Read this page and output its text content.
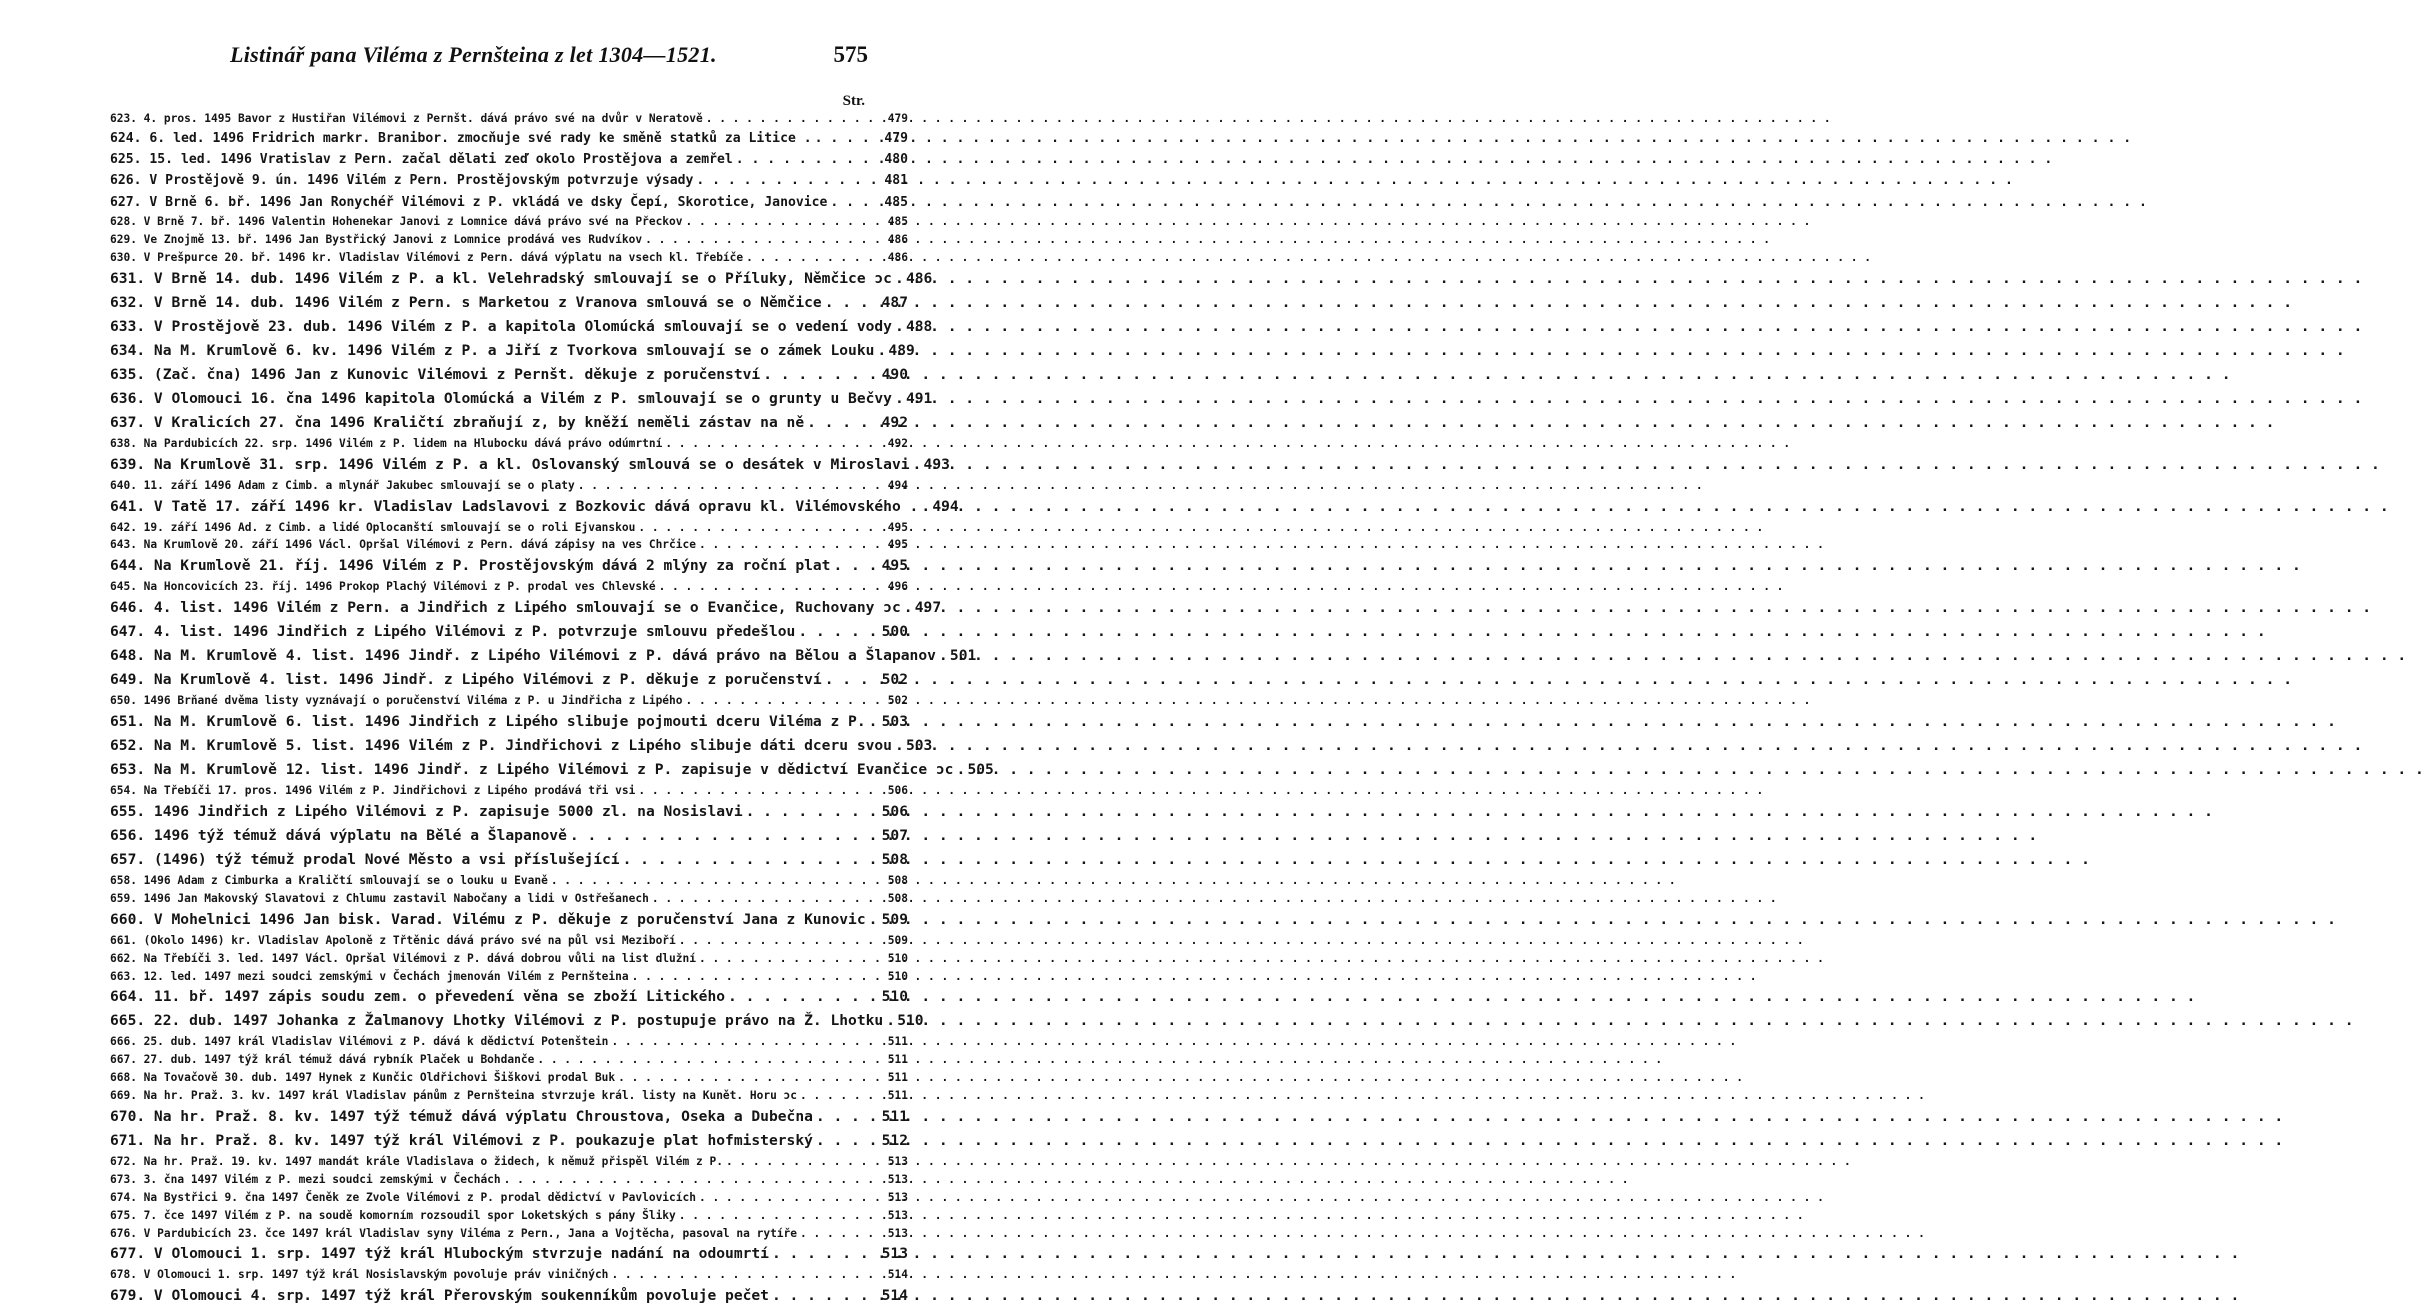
Listinář pana Viléma z Pernšteina z let 1304—1521.	575
Str.
623. 4. pros. 1495 Bavor z Hustiřan Vilémovi z Pernšt. dává právo své na dvůr v Neratově . . .	479
624. 6. led. 1496 Fridrich markr. Branibor. zmocňuje své rady ke směně statků za Litice . . . .	479
625. 15. led. 1496 Vratislav z Pern. začal dělati zeď okolo Prostějova a zemřel . . .	480
626. V Prostějově 9. ún. 1496 Vilém z Pern. Prostějovským potvrzuje výsady . . .	481
627. V Brně 6. bř. 1496 Jan Ronychéř Vilémovi z P. vkládá ve dsky Čepí, Skorotice, Janovice . . .	485
628. V Brně 7. bř. 1496 Valentin Hohenekar Janovi z Lomnice dává právo své na Přeckov . . .	485
629. Ve Znojmě 13. bř. 1496 Jan Bystřický Janovi z Lomnice prodává ves Rudvíkov . . .	486
630. V Prešpurce 20. bř. 1496 kr. Vladislav Vilémovi z Pern. dává výplatu na vsech kl. Třebíče . . .	486
631. V Brně 14. dub. 1496 Vilém z P. a kl. Velehradský smlouvají se o Příluky, Němčice ɔc . . . 486
632. V Brně 14. dub. 1496 Vilém z Pern. s Marketou z Vranova smlouvá se o Němčice . . .	487
633. V Prostějově 23. dub. 1496 Vilém z P. a kapitola Olomúcká smlouvají se o vedení vody . . . 488
634. Na M. Krumlově 6. kv. 1496 Vilém z P. a Jiří z Tvorkova smlouvají se o zámek Louku . . . 489
635. (Zač. čna) 1496 Jan z Kunovic Vilémovi z Pernšt. děkuje z poručenství . . .	490
636. V Olomouci 16. čna 1496 kapitola Olomúcká a Vilém z P. smlouvají se o grunty u Bečvy . . . 491
637. V Kralicích 27. čna 1496 Kraličtí zbraňují z, by kněží neměli zástav na ně . . .	492
638. Na Pardubicích 22. srp. 1496 Vilém z P. lidem na Hlubocku dává právo odúmrtní . . .	492
639. Na Krumlově 31. srp. 1496 Vilém z P. a kl. Oslovanský smlouvá se o desátek v Miroslavi . . . 493
640. 11. září 1496 Adam z Cimb. a mlynář Jakubec smlouvají se o platy . . .	494
641. V Tatě 17. září 1496 kr. Vladislav Ladslavovi z Bozkovic dává opravu kl. Vilémovského . . . . 494
642. 19. září 1496 Ad. z Cimb. a lidé Oplocanští smlouvají se o roli Ejvanskou . . .	495
643. Na Krumlově 20. září 1496 Václ. Opršal Vilémovi z Pern. dává zápisy na ves Chrčice . . .	495
644. Na Krumlově 21. říj. 1496 Vilém z P. Prostějovským dává 2 mlýny za roční plat . . .	495
645. Na Honcovicích 23. říj. 1496 Prokop Plachý Vilémovi z P. prodal ves Chlevské . . .	496
646. 4. list. 1496 Vilém z Pern. a Jindřich z Lipého smlouvají se o Evančice, Ruchovany ɔc . . . 497
647. 4. list. 1496 Jindřich z Lipého Vilémovi z P. potvrzuje smlouvu předešlou . . .	500
648. Na M. Krumlově 4. list. 1496 Jindř. z Lipého Vilémovi z P. dává právo na Bělou a Šlapanov . . . 501
649. Na Krumlově 4. list. 1496 Jindř. z Lipého Vilémovi z P. děkuje z poručenství . . .	502
650. 1496 Brňané dvěma listy vyznávají o poručenství Viléma z P. u Jindřicha z Lipého . . .	502
651. Na M. Krumlově 6. list. 1496 Jindřich z Lipého slibuje pojmouti dceru Viléma z P. . . . 503
652. Na M. Krumlově 5. list. 1496 Vilém z P. Jindřichovi z Lipého slibuje dáti dceru svou . . . 503
653. Na M. Krumlově 12. list. 1496 Jindř. z Lipého Vilémovi z P. zapisuje v dědictví Evančice ɔc . . . 505
654. Na Třebíči 17. pros. 1496 Vilém z P. Jindřichovi z Lipého prodává tři vsi . . .	506
655. 1496 Jindřich z Lipého Vilémovi z P. zapisuje 5000 zl. na Nosislavi . . .	506
656. 1496 týž témuž dává výplatu na Bělé a Šlapanově . . .	507
657. (1496) týž témuž prodal Nové Město a vsi příslušející . . .	508
658. 1496 Adam z Cimburka a Kraličtí smlouvají se o louku u Evaně . . .	508
659. 1496 Jan Makovský Slavatovi z Chlumu zastavil Nabočany a lidi v Ostřešanech . . .	508
660. V Mohelnici 1496 Jan bisk. Varad. Vilému z P. děkuje z poručenství Jana z Kunovic . . . 509
661. (Okolo 1496) kr. Vladislav Apoloně z Třtěnic dává právo své na půl vsi Meziboří . . .	509
662. Na Třebíči 3. led. 1497 Václ. Opršal Vilémovi z P. dává dobrou vůli na list dlužní . . .	510
663. 12. led. 1497 mezi soudci zemskými v Čechách jmenován Vilém z Pernšteina . . .	510
664. 11. bř. 1497 zápis soudu zem. o převedení věna se zboží Litického . . .	510
665. 22. dub. 1497 Johanka z Žalmanovy Lhotky Vilémovi z P. postupuje právo na Ž. Lhotku . . . 510
666. 25. dub. 1497 král Vladislav Vilémovi z P. dává k dědictví Potenštein . . .	511
667. 27. dub. 1497 týž král témuž dává rybník Plaček u Bohdanče . . .	511
668. Na Tovačově 30. dub. 1497 Hynek z Kunčic Oldřichovi Šiškovi prodal Buk . . .	511
669. Na hr. Praž. 3. kv. 1497 král Vladislav pánům z Pernšteina stvrzuje král. listy na Kunět. Horu ɔc . . .	511
670. Na hr. Praž. 8. kv. 1497 týž témuž dává výplatu Chroustova, Oseka a Dubečna . . .	511
671. Na hr. Praž. 8. kv. 1497 týž král Vilémovi z P. poukazuje plat hofmisterský . . .	512
672. Na hr. Praž. 19. kv. 1497 mandát krále Vladislava o židech, k němuž přispěl Vilém z P. . . .	513
673. 3. čna 1497 Vilém z P. mezi soudci zemskými v Čechách . . .	513
674. Na Bystřici 9. čna 1497 Čeněk ze Zvole Vilémovi z P. prodal dědictví v Pavlovicích . . .	513
675. 7. čce 1497 Vilém z P. na soudě komorním rozsoudil spor Loketských s pány Šliky . . .	513
676. V Pardubicích 23. čce 1497 král Vladislav syny Viléma z Pern., Jana a Vojtěcha, pasoval na rytíře . . .	513
677. V Olomouci 1. srp. 1497 týž král Hlubockým stvrzuje nadání na odoumrtí . . .	513
678. V Olomouci 1. srp. 1497 týž král Nosislavským povoluje práv viničných . . .	514
679. V Olomouci 4. srp. 1497 týž král Přerovským soukenníkům povoluje pečet . . .	514
